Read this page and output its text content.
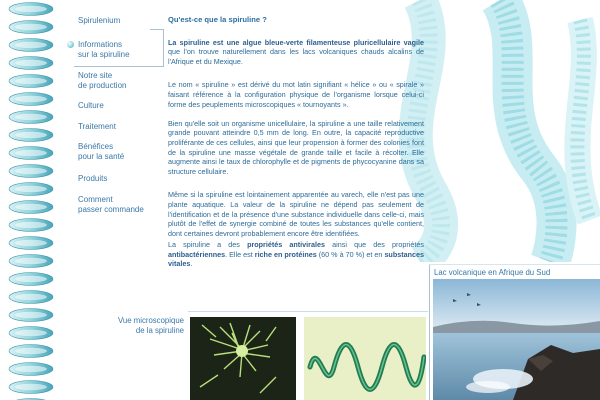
Spirulenium
Informations
sur la spiruline
Notre site
de production
Culture
Traitement
Bénéfices
pour la santé
Produits
Comment
passer commande
Qu'est-ce que la spiruline ?

La spiruline est une algue bleue-verte filamenteuse pluricellulaire vagile que l'on trouve naturellement dans les lacs volcaniques chauds alcalins de l'Afrique et du Mexique.

Le nom « spiruline » est dérivé du mot latin signifiant « hélice » ou « spirale » faisant référence à la configuration physique de l'organisme lorsque celui-ci forme des peuplements microscopiques « tournoyants ».

Bien qu'elle soit un organisme unicellulaire, la spiruline a une taille relativement grande pouvant atteindre 0,5 mm de long. En outre, la capacité reproductive proliférante de ces cellules, ainsi que leur propension à former des colonies font de la spiruline une masse végétale de grande taille et facile à récolter. Elle augmente ainsi le taux de chlorophylle et de pigments de phycocyanine dans sa structure cellulaire.

Même si la spiruline est lointainement apparentée au varech, elle n'est pas une plante aquatique. La valeur de la spiruline ne dépend pas seulement de l'identification et de la présence d'une substance individuelle dans celle-ci, mais plutôt de l'effet de synergie combiné de toutes les substances qu'elle contient, dont certaines devront probablement encore être identifiées.

La spiruline a des propriétés antivirales ainsi que des propriétés antibactériennes. Elle est riche en protéines (60 % à 70 %) et en substances vitales.

Lac volcanique en Afrique du Sud
Vue microscopique
de la spiruline
